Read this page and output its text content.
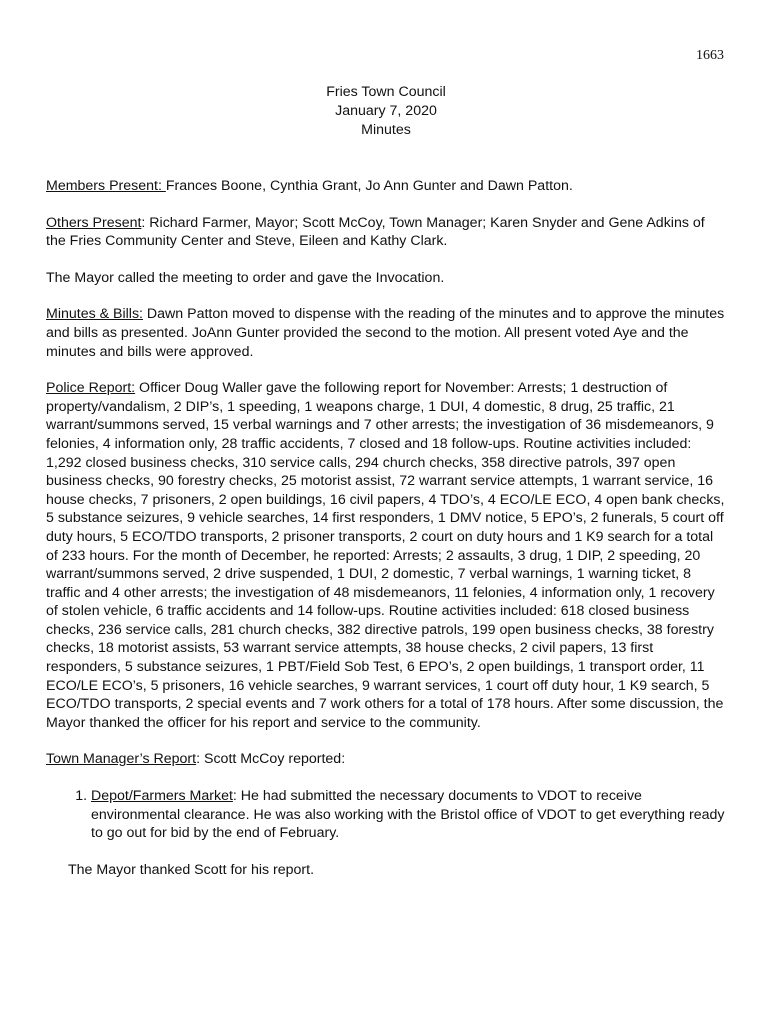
1663
Fries Town Council
January 7, 2020
Minutes

Members Present: Frances Boone, Cynthia Grant, Jo Ann Gunter and Dawn Patton.

Others Present: Richard Farmer, Mayor; Scott McCoy, Town Manager; Karen Snyder and Gene Adkins of the Fries Community Center and Steve, Eileen and Kathy Clark.

The Mayor called the meeting to order and gave the Invocation.

Minutes & Bills: Dawn Patton moved to dispense with the reading of the minutes and to approve the minutes and bills as presented. JoAnn Gunter provided the second to the motion. All present voted Aye and the minutes and bills were approved.

Police Report: Officer Doug Waller gave the following report for November: Arrests; 1 destruction of property/vandalism, 2 DIP’s, 1 speeding, 1 weapons charge, 1 DUI, 4 domestic, 8 drug, 25 traffic, 21 warrant/summons served, 15 verbal warnings and 7 other arrests; the investigation of 36 misdemeanors, 9 felonies, 4 information only, 28 traffic accidents, 7 closed and 18 follow-ups. Routine activities included: 1,292 closed business checks, 310 service calls, 294 church checks, 358 directive patrols, 397 open business checks, 90 forestry checks, 25 motorist assist, 72 warrant service attempts, 1 warrant service, 16 house checks, 7 prisoners, 2 open buildings, 16 civil papers, 4 TDO’s, 4 ECO/LE ECO, 4 open bank checks, 5 substance seizures, 9 vehicle searches, 14 first responders, 1 DMV notice, 5 EPO’s, 2 funerals, 5 court off duty hours, 5 ECO/TDO transports, 2 prisoner transports, 2 court on duty hours and 1 K9 search for a total of 233 hours. For the month of December, he reported: Arrests; 2 assaults, 3 drug, 1 DIP, 2 speeding, 20 warrant/summons served, 2 drive suspended, 1 DUI, 2 domestic, 7 verbal warnings, 1 warning ticket, 8 traffic and 4 other arrests; the investigation of 48 misdemeanors, 11 felonies, 4 information only, 1 recovery of stolen vehicle, 6 traffic accidents and 14 follow-ups. Routine activities included: 618 closed business checks, 236 service calls, 281 church checks, 382 directive patrols, 199 open business checks, 38 forestry checks, 18 motorist assists, 53 warrant service attempts, 38 house checks, 2 civil papers, 13 first responders, 5 substance seizures, 1 PBT/Field Sob Test, 6 EPO’s, 2 open buildings, 1 transport order, 11 ECO/LE ECO’s, 5 prisoners, 16 vehicle searches, 9 warrant services, 1 court off duty hour, 1 K9 search, 5 ECO/TDO transports, 2 special events and 7 work others for a total of 178 hours. After some discussion, the Mayor thanked the officer for his report and service to the community.

Town Manager’s Report: Scott McCoy reported:

1. Depot/Farmers Market: He had submitted the necessary documents to VDOT to receive environmental clearance. He was also working with the Bristol office of VDOT to get everything ready to go out for bid by the end of February.

The Mayor thanked Scott for his report.
